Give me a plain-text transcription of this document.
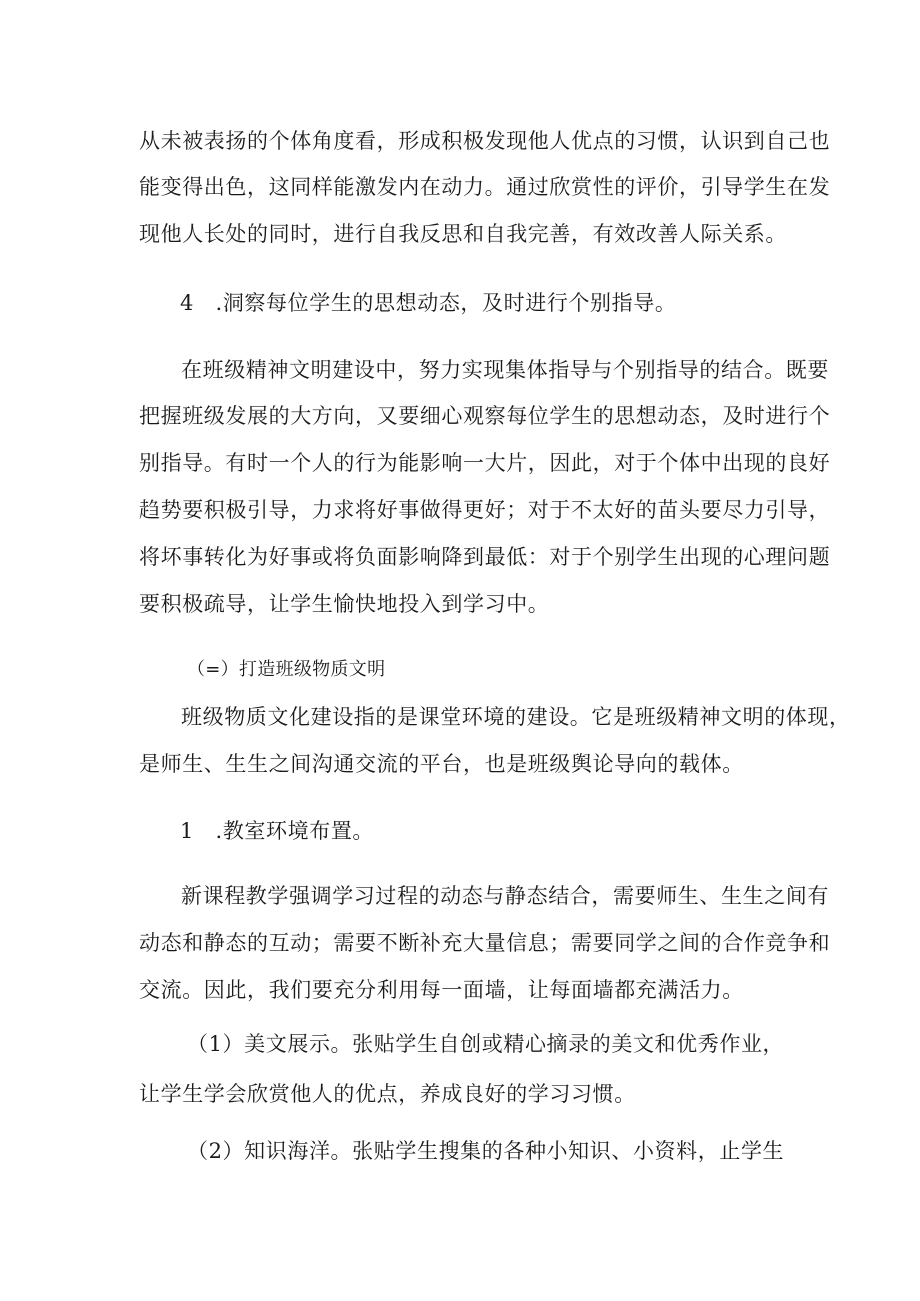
从未被表扬的个体角度看，形成积极发现他人优点的习惯，认识到自己也
能变得出色，这同样能激发内在动力。通过欣赏性的评价，引导学生在发
现他人长处的同时，进行自我反思和自我完善，有效改善人际关系。
4　.洞察每位学生的思想动态，及时进行个别指导。
在班级精神文明建设中，努力实现集体指导与个别指导的结合。既要
把握班级发展的大方向，又要细心观察每位学生的思想动态，及时进行个
别指导。有时一个人的行为能影响一大片，因此，对于个体中出现的良好
趋势要积极引导，力求将好事做得更好；对于不太好的苗头要尽力引导，
将坏事转化为好事或将负面影响降到最低：对于个别学生出现的心理问题
要积极疏导，让学生愉快地投入到学习中。
（=）打造班级物质文明
班级物质文化建设指的是课堂环境的建设。它是班级精神文明的体现，
是师生、生生之间沟通交流的平台，也是班级舆论导向的载体。
1　.教室环境布置。
新课程教学强调学习过程的动态与静态结合，需要师生、生生之间有
动态和静态的互动；需要不断补充大量信息；需要同学之间的合作竞争和
交流。因此，我们要充分利用每一面墙，让每面墙都充满活力。
（1）美文展示。张贴学生自创或精心摘录的美文和优秀作业，
让学生学会欣赏他人的优点，养成良好的学习习惯。
（2）知识海洋。张贴学生搜集的各种小知识、小资料，止学生
